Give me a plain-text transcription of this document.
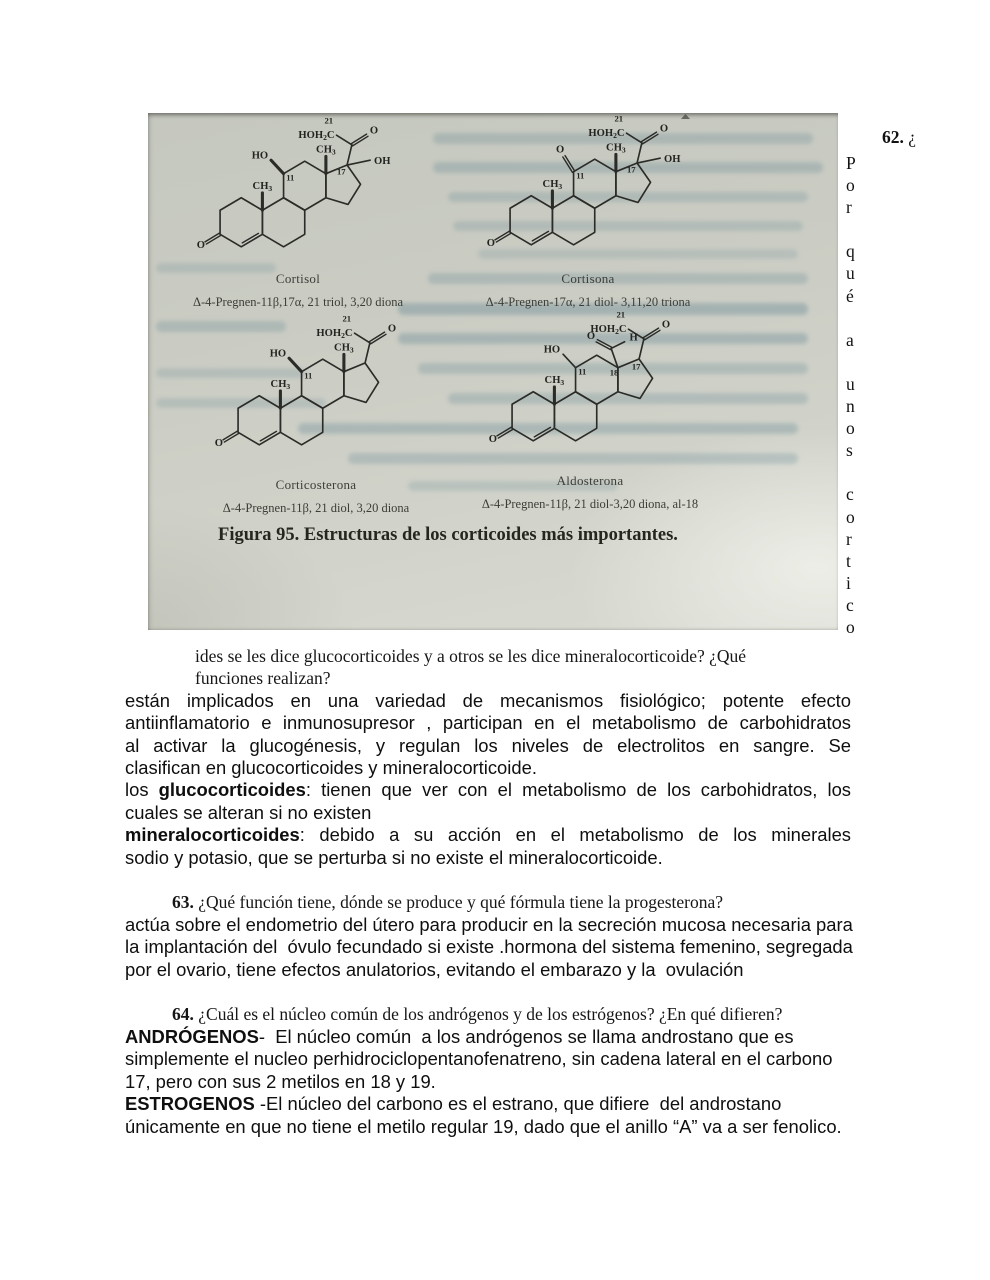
O
CH3
O
HOH2​C
21
CH3
HO
11
OH
17
Cortisol
Δ-4-Pregnen-11β,17α, 21 triol, 3,20 diona
O
CH3
O
HOH2​C
21
CH3
O
11
OH
17
Cortisona
Δ-4-Pregnen-17α, 21 diol- 3,11,20 triona
O
CH3
O
HOH2​C
21
CH3
HO
11
Corticosterona
Δ-4-Pregnen-11β, 21 diol, 3,20 diona
O
CH3
O
HOH2​C
21
HO
11
O	H
18
17
Aldosterona
Δ-4-Pregnen-11β, 21 diol-3,20 diona, al-18
Figura 95. Estructuras de los corticoides más importantes.
62. ¿
P
o
r

q
u
é

a

u
n
o
s

c
o
r
t
i
c
o
ides se les dice glucocorticoides y a otros se les dice mineralocorticoide? ¿Qué
funciones realizan?
están implicados en una variedad de mecanismos fisiológico; potente efecto
antiinflamatorio e inmunosupresor , participan en el metabolismo de carbohidratos
al activar la glucogénesis, y regulan los niveles de electrolitos en sangre. Se
clasifican en glucocorticoides y mineralocorticoide.
los glucocorticoides: tienen que ver con el metabolismo de los carbohidratos, los
cuales se alteran si no existen
mineralocorticoides: debido a su acción en el metabolismo de los minerales
sodio y potasio, que se perturba si no existe el mineralocorticoide.
63. ¿Qué función tiene, dónde se produce y qué fórmula tiene la progesterona?
actúa sobre el endometrio del útero para producir en la secreción mucosa necesaria para
la implantación del  óvulo fecundado si existe .hormona del sistema femenino, segregada
por el ovario, tiene efectos anulatorios, evitando el embarazo y la  ovulación
64. ¿Cuál es el núcleo común de los andrógenos y de los estrógenos? ¿En qué difieren?
ANDRÓGENOS-  El núcleo común  a los andrógenos se llama androstano que es
simplemente el nucleo perhidrociclopentanofenatreno, sin cadena lateral en el carbono
17, pero con sus 2 metilos en 18 y 19.
ESTROGENOS -El núcleo del carbono es el estrano, que difiere  del androstano
únicamente en que no tiene el metilo regular 19, dado que el anillo “A” va a ser fenolico.
